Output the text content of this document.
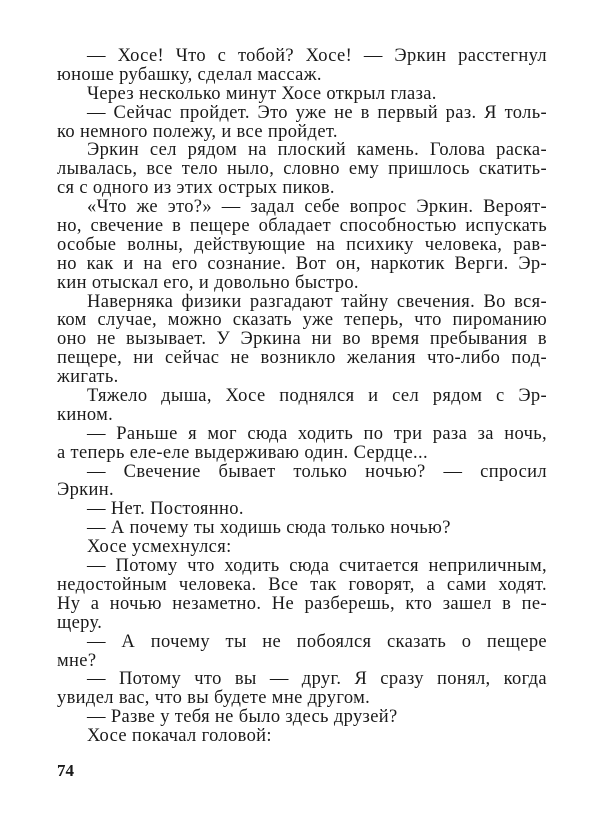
— Хосе! Что с тобой? Хосе! — Эркин расстегнул
юноше рубашку, сделал массаж.
Через несколько минут Хосе открыл глаза.
— Сейчас пройдет. Это уже не в первый раз. Я толь-
ко немного полежу, и все пройдет.
Эркин сел рядом на плоский камень. Голова раска-
лывалась, все тело ныло, словно ему пришлось скатить-
ся с одного из этих острых пиков.
«Что же это?» — задал себе вопрос Эркин. Вероят-
но, свечение в пещере обладает способностью испускать
особые волны, действующие на психику человека, рав-
но как и на его сознание. Вот он, наркотик Верги. Эр-
кин отыскал его, и довольно быстро.
Наверняка физики разгадают тайну свечения. Во вся-
ком случае, можно сказать уже теперь, что пироманию
оно не вызывает. У Эркина ни во время пребывания в
пещере, ни сейчас не возникло желания что-либо под-
жигать.
Тяжело дыша, Хосе поднялся и сел рядом с Эр-
кином.
— Раньше я мог сюда ходить по три раза за ночь,
а теперь еле-еле выдерживаю один. Сердце...
— Свечение бывает только ночью? — спросил
Эркин.
— Нет. Постоянно.
— А почему ты ходишь сюда только ночью?
Хосе усмехнулся:
— Потому что ходить сюда считается неприличным,
недостойным человека. Все так говорят, а сами ходят.
Ну а ночью незаметно. Не разберешь, кто зашел в пе-
щеру.
— А почему ты не побоялся сказать о пещере
мне?
— Потому что вы — друг. Я сразу понял, когда
увидел вас, что вы будете мне другом.
— Разве у тебя не было здесь друзей?
Хосе покачал головой:
74
